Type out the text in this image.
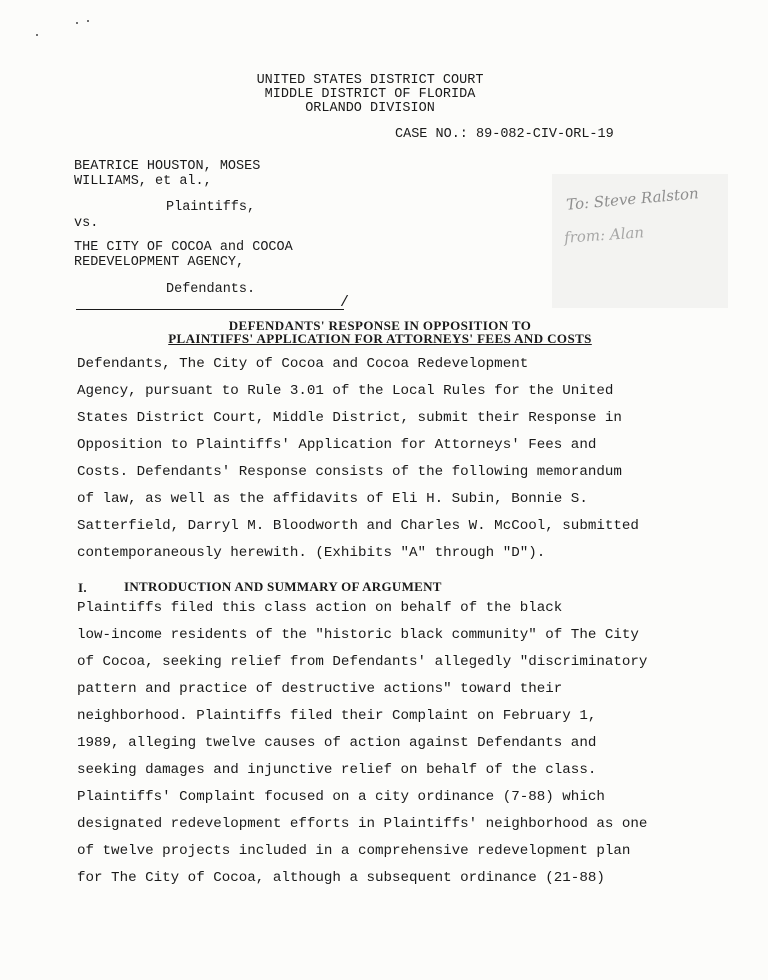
UNITED STATES DISTRICT COURT
MIDDLE DISTRICT OF FLORIDA
ORLANDO DIVISION
CASE NO.: 89-082-CIV-ORL-19
BEATRICE HOUSTON, MOSES
WILLIAMS, et al.,
Plaintiffs,
vs.
THE CITY OF COCOA and COCOA
REDEVELOPMENT AGENCY,
Defendants.
/
To: Steve Ralston
from: Alan
DEFENDANTS' RESPONSE IN OPPOSITION TO
PLAINTIFFS' APPLICATION FOR ATTORNEYS' FEES AND COSTS
Defendants, The City of Cocoa and Cocoa Redevelopment
Agency, pursuant to Rule 3.01 of the Local Rules for the United
States District Court, Middle District, submit their Response in
Opposition to Plaintiffs' Application for Attorneys' Fees and
Costs. Defendants' Response consists of the following memorandum
of law, as well as the affidavits of Eli H. Subin, Bonnie S.
Satterfield, Darryl M. Bloodworth and Charles W. McCool, submitted
contemporaneously herewith. (Exhibits "A" through "D").
I.	INTRODUCTION AND SUMMARY OF ARGUMENT
Plaintiffs filed this class action on behalf of the black
low-income residents of the "historic black community" of The City
of Cocoa, seeking relief from Defendants' allegedly "discriminatory
pattern and practice of destructive actions" toward their
neighborhood. Plaintiffs filed their Complaint on February 1,
1989, alleging twelve causes of action against Defendants and
seeking damages and injunctive relief on behalf of the class.
Plaintiffs' Complaint focused on a city ordinance (7-88) which
designated redevelopment efforts in Plaintiffs' neighborhood as one
of twelve projects included in a comprehensive redevelopment plan
for The City of Cocoa, although a subsequent ordinance (21-88)
